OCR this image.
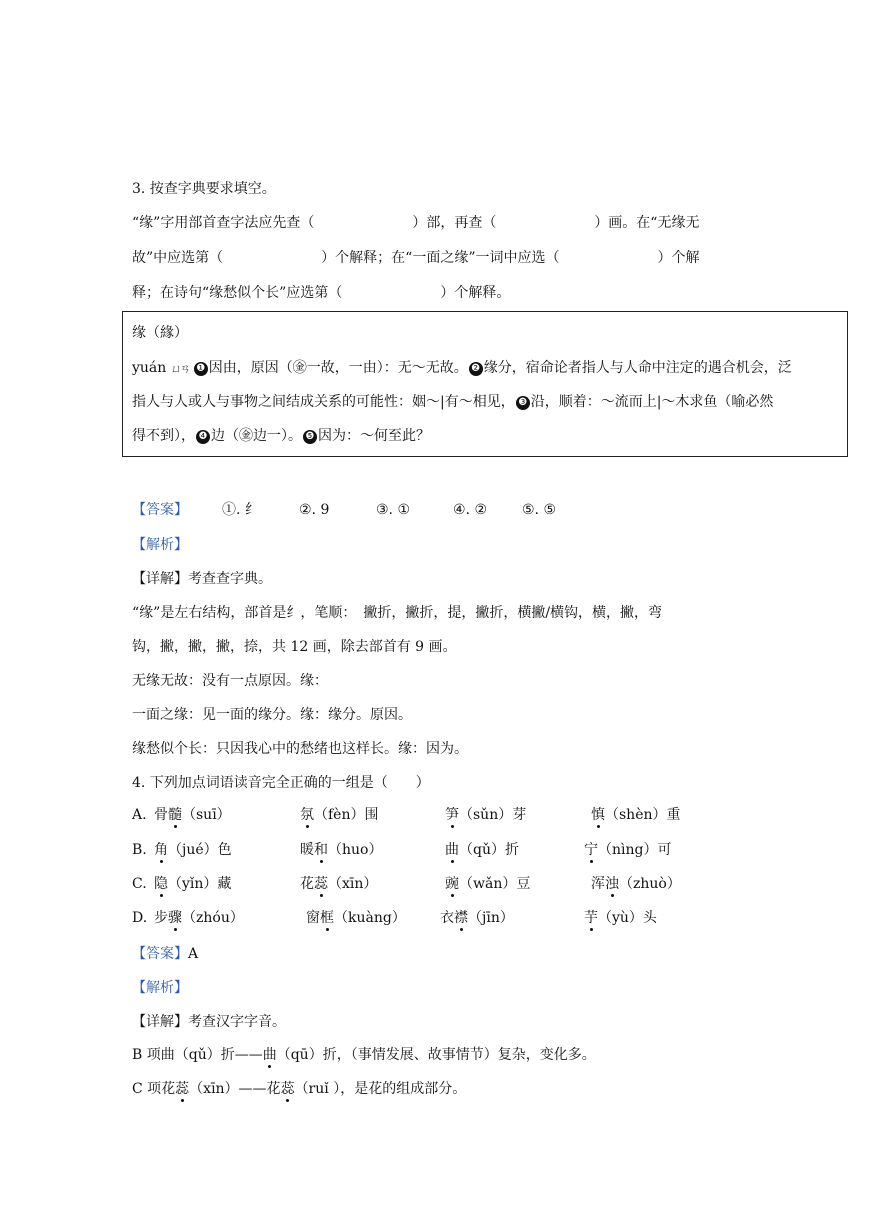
3. 按查字典要求填空。
“缘”字用部首查字法应先查（　　　　　　　）部，再查（　　　　　　　）画。在“无缘无
故”中应选第（　　　　　　　）个解释；在“一面之缘”一词中应选（　　　　　　　）个解
释；在诗句“缘愁似个长”应选第（　　　　　　　）个解释。
缘（緣）
yuán ㄩㄢ ❶ 因由，原因（㊎一故，一由）：无～无故。 ❷ 缘分，宿命论者指人与人命中注定的遇合机会，泛
指人与人或人与事物之间结成关系的可能性：姻～|有～相见， ❸ 沿，顺着：～流而上|～木求鱼（喻必然
得不到）， ❹ 边（㊎边一）。 ❺ 因为：～何至此？
【答案】 ①. 纟	②. 9	③. ①	④. ② ⑤. ⑤
【解析】
【详解】考查查字典。
“缘”是左右结构，部首是纟，笔顺：　撇折，撇折，提，撇折，横撇/横钩，横，撇，弯
钩，撇，撇，撇，捺，共 12 画，除去部首有 9 画。
无缘无故：没有一点原因。缘：
一面之缘：见一面的缘分。缘：缘分。原因。
缘愁似个长：只因我心中的愁绪也这样长。缘：因为。
4. 下列加点词语读音完全正确的一组是（　　）
A. 骨髓（suī）	氛（fèn）围	笋（sǔn）芽	慎（shèn）重
B. 角（jué）色	暖和（huo）	曲（qǔ）折	宁（nìng）可
C. 隐（yǐn）藏	花蕊（xīn）	豌（wǎn）豆	浑浊（zhuò）
D. 步骤（zhóu）	窗框（kuàng） 衣襟（jīn）	芋（yù）头
【答案】A
【解析】
【详解】考查汉字字音。
B 项曲（qǔ）折——曲（qū）折，（事情发展、故事情节）复杂，变化多。
C 项花蕊（xīn）——花蕊（ruǐ ），是花的组成部分。
